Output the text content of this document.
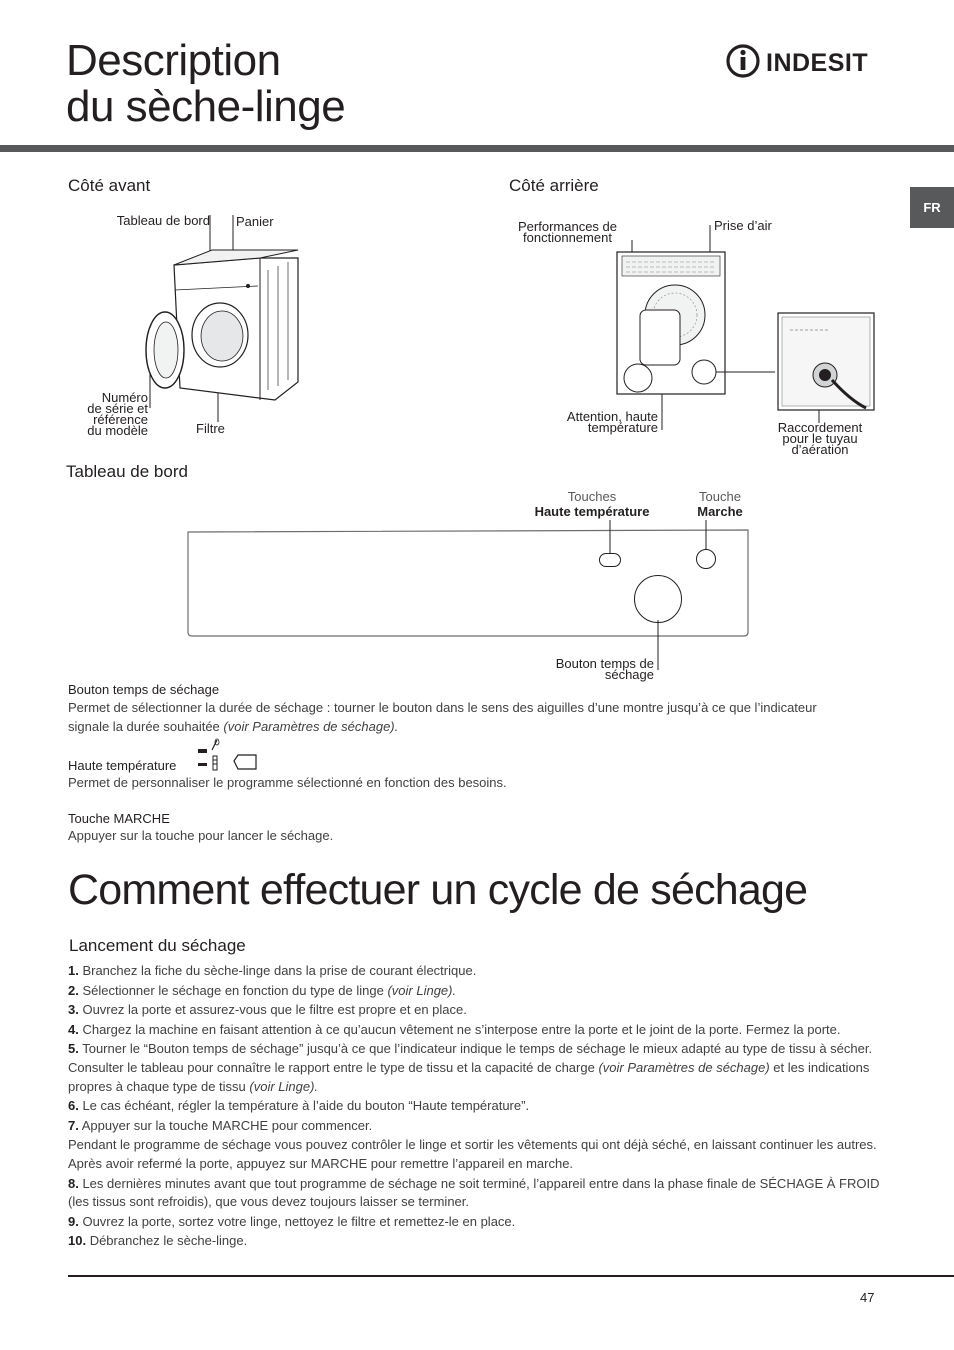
Description
du sèche-linge
INDESIT
FR
Côté avant
Tableau de bord Panier
Numéro
de série et
référence
du modèle	Filtre
Côté arrière
Performances de
fonctionnement
Prise d’air
Attention, haute
température	Raccordement
pour le tuyau
d’aération
Tableau de bord
Touches
Haute température
Touche
Marche
Bouton temps de
séchage
Bouton temps de séchage
Permet de sélectionner la durée de séchage : tourner le bouton dans le sens des aiguilles d’une montre jusqu’à ce que l’indicateur
signale la durée souhaitée (voir Paramètres de séchage).
Haute température
Permet de personnaliser le programme sélectionné en fonction des besoins.
Touche MARCHE
Appuyer sur la touche pour lancer le séchage.
Comment effectuer un cycle de séchage
Lancement du séchage

1. Branchez la fiche du sèche-linge dans la prise de courant électrique.

2. Sélectionner le séchage en fonction du type de linge (voir Linge).

3. Ouvrez la porte et assurez-vous que le filtre est propre et en place.

4. Chargez la machine en faisant attention à ce qu’aucun vêtement ne s’interpose entre la porte et le joint de la porte. Fermez la porte.

5. Tourner le “Bouton temps de séchage” jusqu’à ce que l’indicateur indique le temps de séchage le mieux adapté au type de tissu à sécher. Consulter le tableau pour connaître le rapport entre le type de tissu et la capacité de charge (voir Paramètres de séchage) et les indications propres à chaque type de tissu (voir Linge).

6. Le cas échéant, régler la température à l’aide du bouton “Haute température”.

7. Appuyer sur la touche MARCHE pour commencer.

Pendant le programme de séchage vous pouvez contrôler le linge et sortir les vêtements qui ont déjà séché, en laissant continuer les autres. Après avoir refermé la porte, appuyez sur MARCHE pour remettre l’appareil en marche.

8. Les dernières minutes avant que tout programme de séchage ne soit terminé, l’appareil entre dans la phase finale de SÉCHAGE À FROID (les tissus sont refroidis), que vous devez toujours laisser se terminer.

9. Ouvrez la porte, sortez votre linge, nettoyez le filtre et remettez-le en place.

10. Débranchez le sèche-linge.

47
